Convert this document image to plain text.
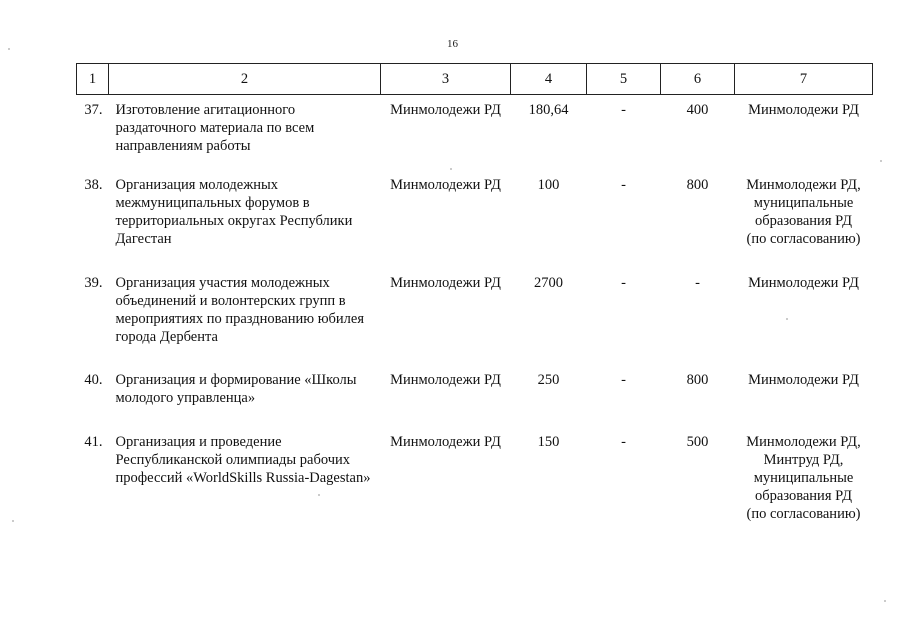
16
1	2	3	4	5	6	7
37.	Изготовление агитационного раздаточного материала по всем направлениям работы	Минмолодежи РД	180,64	-	400	Минмолодежи РД

38.	Организация молодежных межмуниципальных форумов в территориальных округах Республики Дагестан	Минмолодежи РД	100	-	800	Минмолодежи РД,
муниципальные
образования РД
(по согласованию)

39.	Организация участия молодежных объединений и волонтерских групп в мероприятиях по празднованию юбилея города Дербента	Минмолодежи РД	2700	-	-	Минмолодежи РД

40.	Организация и формирование «Школы молодого управленца»	Минмолодежи РД	250	-	800	Минмолодежи РД

41.	Организация и проведение Республиканской олимпиады рабочих профессий «WorldSkills Russia-Dagestan»	Минмолодежи РД	150	-	500	Минмолодежи РД,
Минтруд РД,
муниципальные
образования РД
(по согласованию)
